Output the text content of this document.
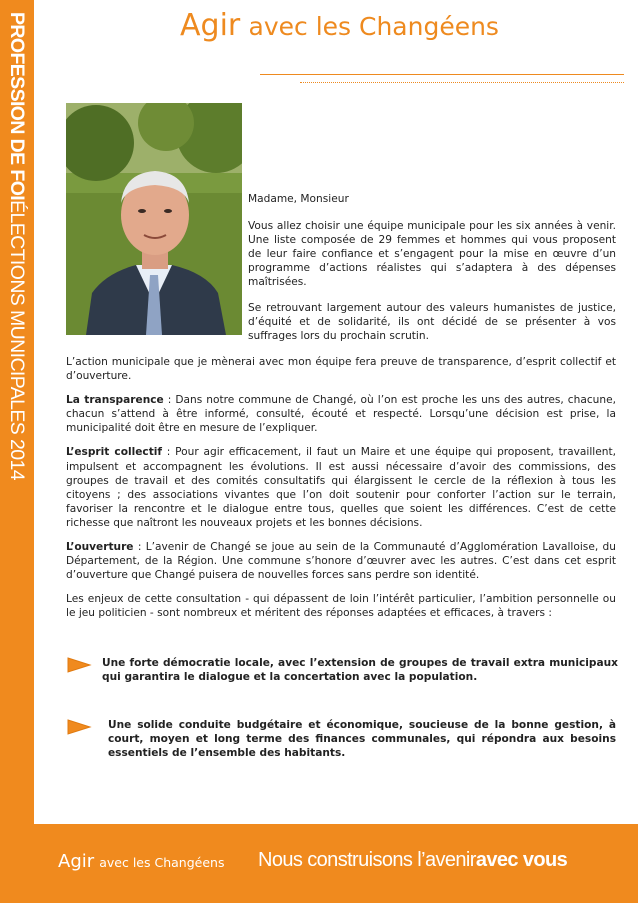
PROFESSION DE FOIÉLECTIONS MUNICIPALES 2014
Agir avec les Changéens

Madame, Monsieur

Vous allez choisir une équipe municipale pour les six années à venir. Une liste composée de 29 femmes et hommes qui vous proposent de leur faire confiance et s’engagent pour la mise en œuvre d’un programme d’actions réalistes qui s’adaptera à des dépenses maîtrisées.

Se retrouvant largement autour des valeurs humanistes de justice, d’équité et de solidarité, ils ont décidé de se présenter à vos suffrages lors du prochain scrutin.

L’action municipale que je mènerai avec mon équipe fera preuve de transparence, d’esprit collectif et d’ouverture.

La transparence : Dans notre commune de Changé, où l’on est proche les uns des autres, chacune, chacun s’attend à être informé, consulté, écouté et respecté. Lorsqu’une décision est prise, la municipalité doit être en mesure de l’expliquer.

L’esprit collectif : Pour agir efficacement, il faut un Maire et une équipe qui proposent, travaillent, impulsent et accompagnent les évolutions. Il est aussi nécessaire d’avoir des commissions, des groupes de travail et des comités consultatifs qui élargissent le cercle de la réflexion à tous les citoyens ; des associations vivantes que l’on doit soutenir pour conforter l’action sur le terrain, favoriser la rencontre et le dialogue entre tous, quelles que soient les différences. C’est de cette richesse que naîtront les nouveaux projets et les bonnes décisions.

L’ouverture : L’avenir de Changé se joue au sein de la Communauté d’Agglomération Lavalloise, du Département, de la Région. Une commune s’honore d’œuvrer avec les autres. C’est dans cet esprit d’ouverture que Changé puisera de nouvelles forces sans perdre son identité.

Les enjeux de cette consultation - qui dépassent de loin l’intérêt particulier, l’ambition personnelle ou le jeu politicien - sont nombreux et méritent des réponses adaptées et efficaces, à travers :

Une forte démocratie locale, avec l’extension de groupes de travail extra municipaux qui garantira le dialogue et la concertation avec la population.
Une solide conduite budgétaire et économique, soucieuse de la bonne gestion, à court, moyen et long terme des finances communales, qui répondra aux besoins essentiels de l’ensemble des habitants.
Agir avec les Changéens Nous construisons l’aveniravec vous
